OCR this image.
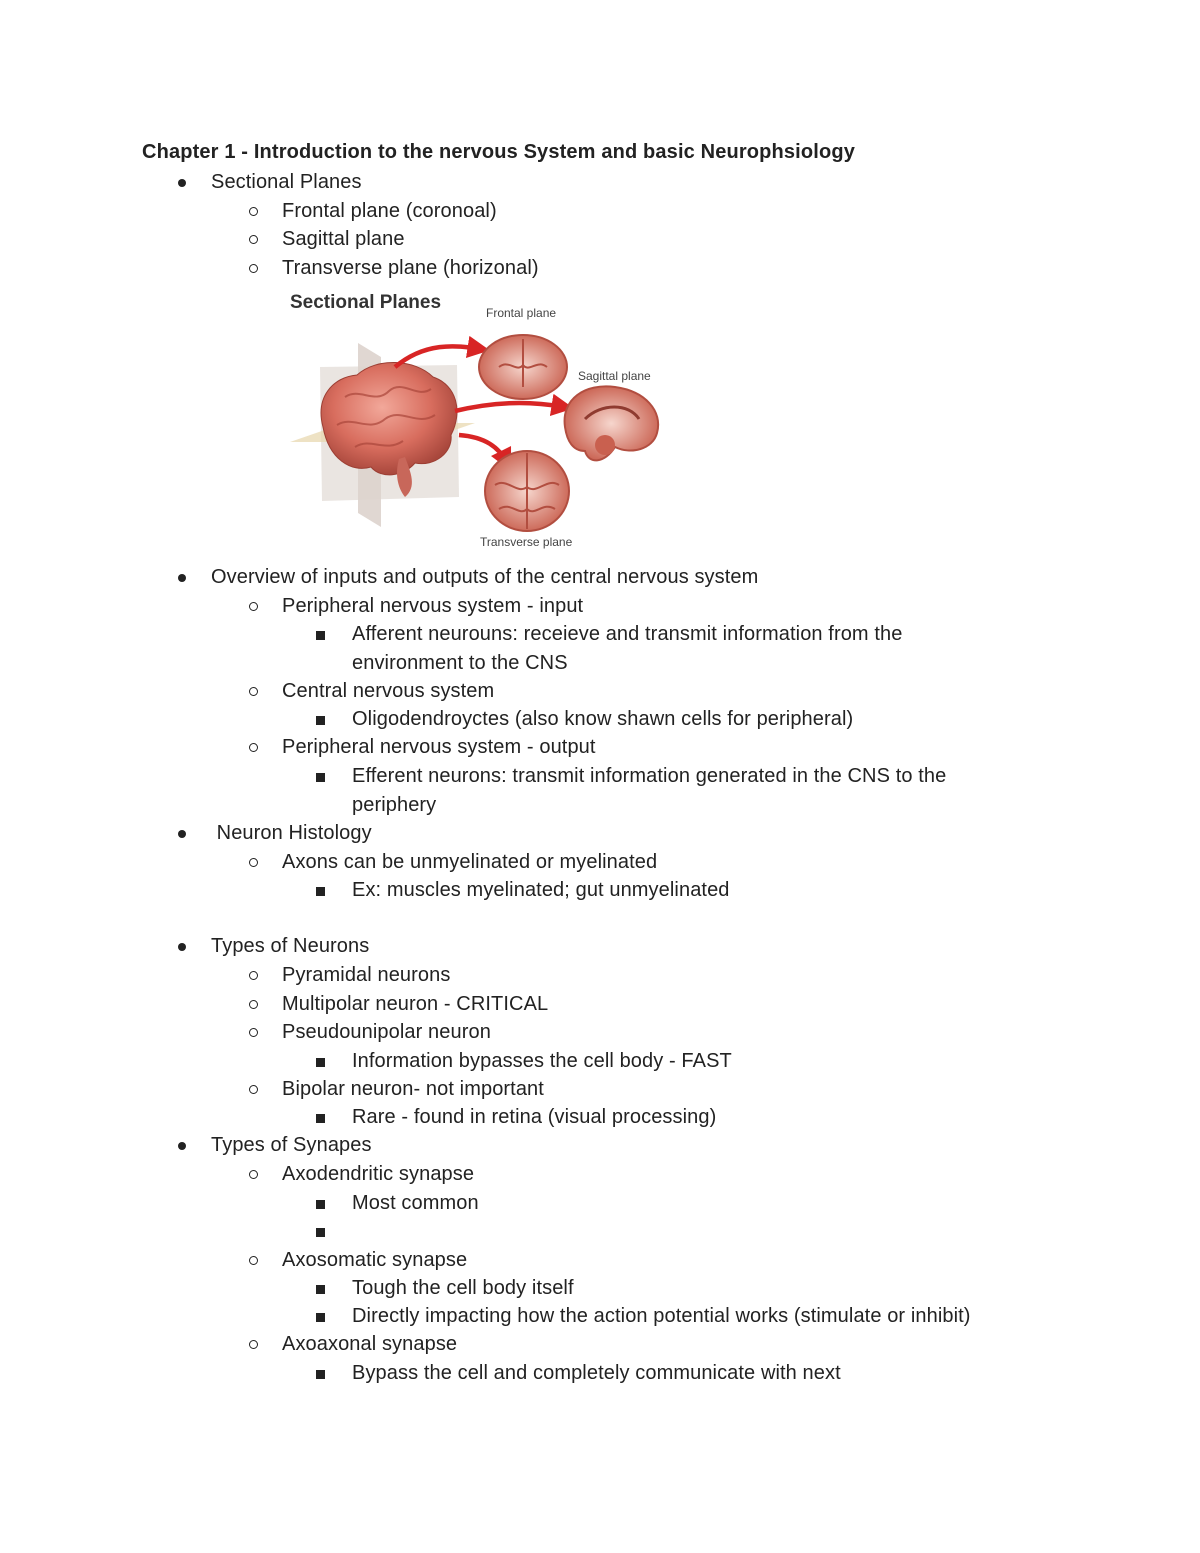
Chapter 1 - Introduction to the nervous System and basic Neurophsiology
Sectional Planes
Frontal plane (coronoal)
Sagittal plane
Transverse plane (horizonal)
Overview of inputs and outputs of the central nervous system
Peripheral nervous system - input
Afferent neurouns: receieve and transmit information from the
environment to the CNS
Central nervous system
Oligodendroyctes (also know shawn cells for peripheral)
Peripheral nervous system - output
Efferent neurons: transmit information generated in the CNS to the
periphery
Neuron Histology
Axons can be unmyelinated or myelinated
Ex: muscles myelinated; gut unmyelinated
Types of Neurons
Pyramidal neurons
Multipolar neuron - CRITICAL
Pseudounipolar neuron
Information bypasses the cell body - FAST
Bipolar neuron- not important
Rare - found in retina (visual processing)
Types of Synapes
Axodendritic synapse
Most common
Axosomatic synapse
Tough the cell body itself
Directly impacting how the action potential works (stimulate or inhibit)
Axoaxonal synapse
Bypass the cell and completely communicate with next
Sectional Planes	Frontal plane
Sagittal plane
Transverse plane
